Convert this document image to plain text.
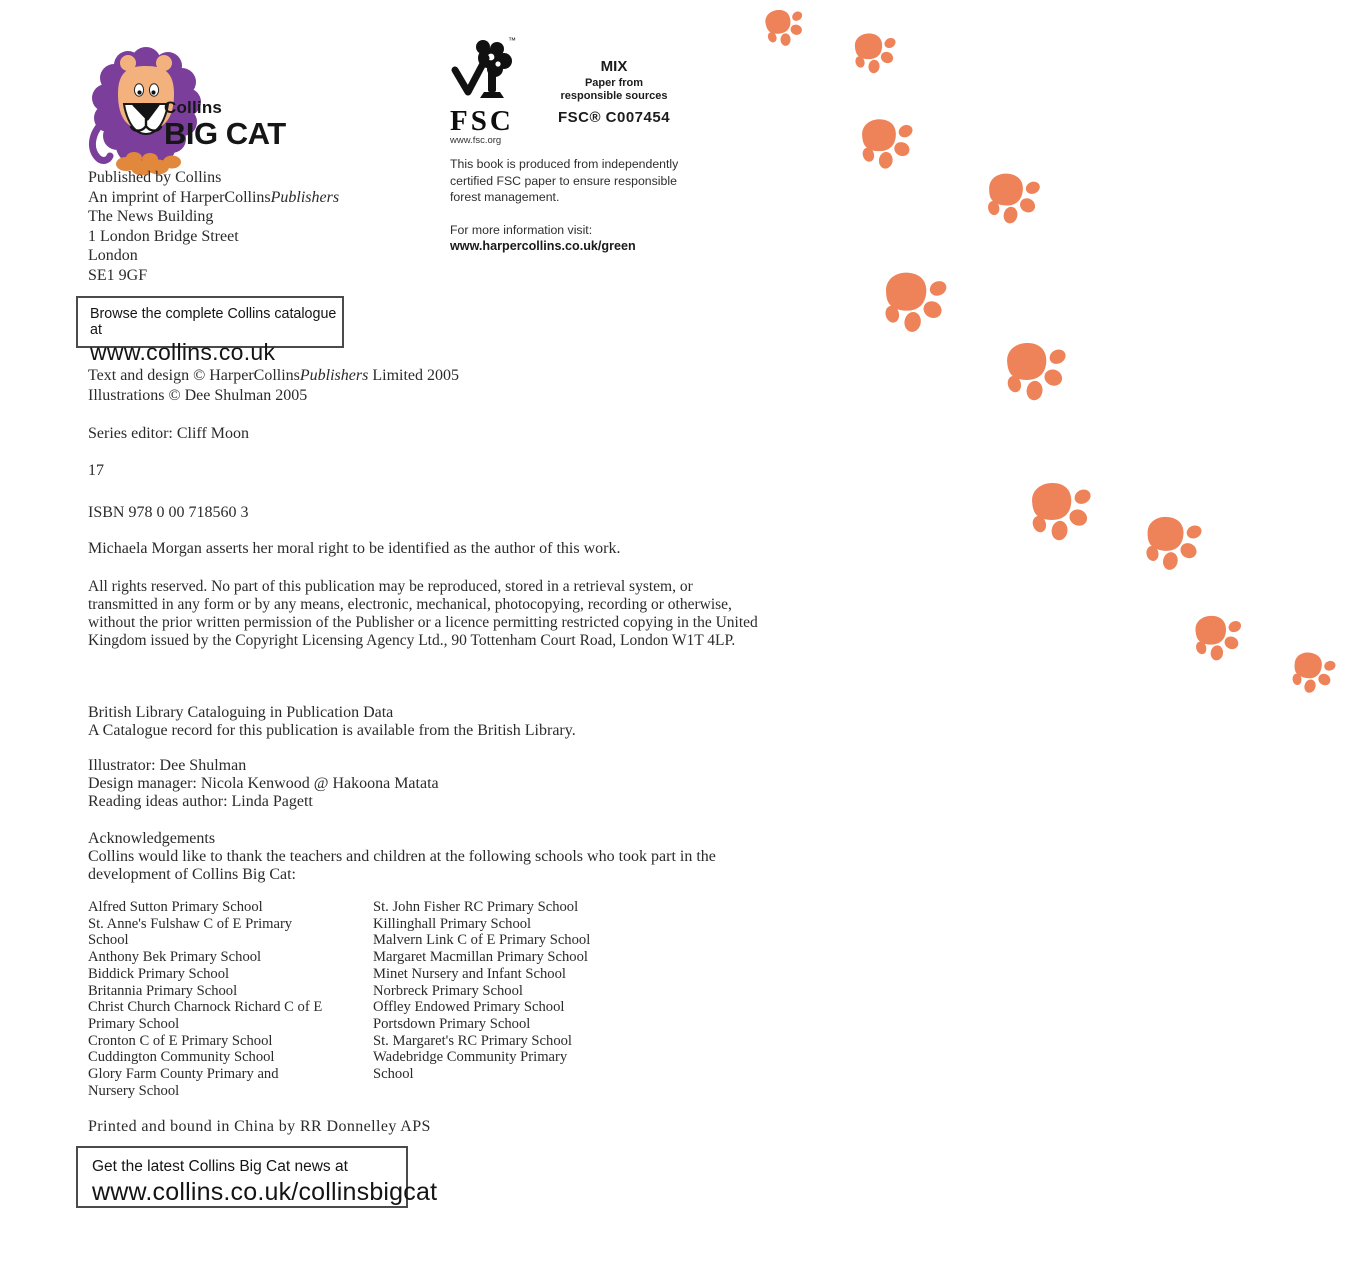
Collins
BIG CAT
™
FSC
www.fsc.org
MIX
Paper from
responsible sources
FSC® C007454
This book is produced from independently certified FSC paper to ensure responsible forest management.
For more information visit:
www.harpercollins.co.uk/green
Published by Collins
An imprint of HarperCollinsPublishers
The News Building
1 London Bridge Street
London
SE1 9GF
Browse the complete Collins catalogue at
www.collins.co.uk
Text and design © HarperCollinsPublishers Limited 2005
Illustrations © Dee Shulman 2005
Series editor: Cliff Moon
17
ISBN 978 0 00 718560 3
Michaela Morgan asserts her moral right to be identified as the author of this work.
All rights reserved. No part of this publication may be reproduced, stored in a retrieval system, or transmitted in any form or by any means, electronic, mechanical, photocopying, recording or otherwise, without the prior written permission of the Publisher or a licence permitting restricted copying in the United Kingdom issued by the Copyright Licensing Agency Ltd., 90 Tottenham Court Road, London W1T 4LP.
British Library Cataloguing in Publication Data
A Catalogue record for this publication is available from the British Library.
Illustrator: Dee Shulman
Design manager: Nicola Kenwood @ Hakoona Matata
Reading ideas author: Linda Pagett
Acknowledgements
Collins would like to thank the teachers and children at the following schools who took part in the development of Collins Big Cat:
Alfred Sutton Primary School
St. Anne's Fulshaw C of E Primary
School
Anthony Bek Primary School
Biddick Primary School
Britannia Primary School
Christ Church Charnock Richard C of E
Primary School
Cronton C of E Primary School
Cuddington Community School
Glory Farm County Primary and
Nursery School
St. John Fisher RC Primary School
Killinghall Primary School
Malvern Link C of E Primary School
Margaret Macmillan Primary School
Minet Nursery and Infant School
Norbreck Primary School
Offley Endowed Primary School
Portsdown Primary School
St. Margaret's RC Primary School
Wadebridge Community Primary
School
Printed and bound in China by RR Donnelley APS
Get the latest Collins Big Cat news at
www.collins.co.uk/collinsbigcat
